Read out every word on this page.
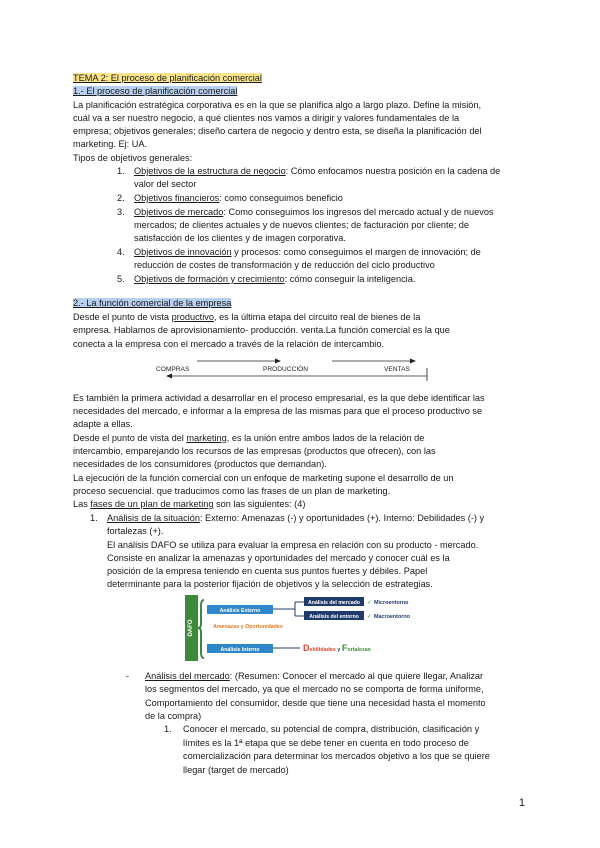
TEMA 2: El proceso de planificación comercial
1.- El proceso de planificación comercial
La planificación estratégica corporativa es en la que se planifica algo a largo plazo. Define la misión,
cuál va a ser nuestro negocio, a qué clientes nos vamos a dirigir y valores fundamentales de la
empresa; objetivos generales; diseño cartera de negocio y dentro esta, se diseña la planificación del
marketing. Ej: UA.
Tipos de objetivos generales:
1. Objetivos de la estructura de negocio: Cómo enfocamos nuestra posición en la cadena de
valor del sector
2. Objetivos financieros: como conseguimos beneficio
3. Objetivos de mercado: Como conseguimos los ingresos del mercado actual y de nuevos
mercados; de clientes actuales y de nuevos clientes; de facturación por cliente; de
satisfacción de los clientes y de imagen corporativa.
4. Objetivos de innovación y procesos: como conseguimos el margen de innovación; de
reducción de costes de transformación y de reducción del ciclo productivo
5. Objetivos de formación y crecimiento: cómo conseguir la inteligencia.
2.- La función comercial de la empresa
Desde el punto de vista productivo, es la última etapa del circuito real de bienes de la
empresa. Hablamos de aprovisionamiento- producción. venta.La función comercial es la que
conecta a la empresa con el mercado a través de la relación de intercambio.
COMPRAS	PRODUCCIÓN	VENTAS
Es también la primera actividad a desarrollar en el proceso empresarial, es la que debe identificar las
necesidades del mercado, e informar a la empresa de las mismas para que el proceso productivo se
adapte a ellas.
Desde el punto de vista del marketing, es la unión entre ambos lados de la relación de
intercambio, emparejando los recursos de las empresas (productos que ofrecen), con las
necesidades de los consumidores (productos que demandan).
La ejecución de la función comercial con un enfoque de marketing supone el desarrollo de un
proceso secuencial. que traducimos como las frases de un plan de marketing.
Las fases de un plan de marketing son las siguientes: (4)
1. Análisis de la situación: Externo: Amenazas (-) y oportunidades (+). Interno: Debilidades (-) y
fortalezas (+).
El análisis DAFO se utiliza para evaluar la empresa en relación con su producto - mercado.
Consiste en analizar la amenazas y oportunidades del mercado y conocer cuál es la
posición de la empresa teniendo en cuenta sus puntos fuertes y débiles. Papel
determinante para la posterior fijación de objetivos y la selección de estrategias.
DAFO
Análisis Externo
Amenazas y Oportunidades
Análisis Interno
Análisis del mercado
Análisis del entorno
✓ Microentorno
✓ Macroentorno
Debilidades y Fortalezas
- Análisis del mercado: (Resumen: Conocer el mercado al que quiere llegar, Analizar
los segmentos del mercado, ya que el mercado no se comporta de forma uniforme,
Comportamiento del consumidor, desde que tiene una necesidad hasta el momento
de la compra)
1. Conocer el mercado, su potencial de compra, distribución, clasificación y
límites es la 1ª etapa que se debe tener en cuenta en todo proceso de
comercialización para determinar los mercados objetivo a los que se quiere
llegar (target de mercado)
1
